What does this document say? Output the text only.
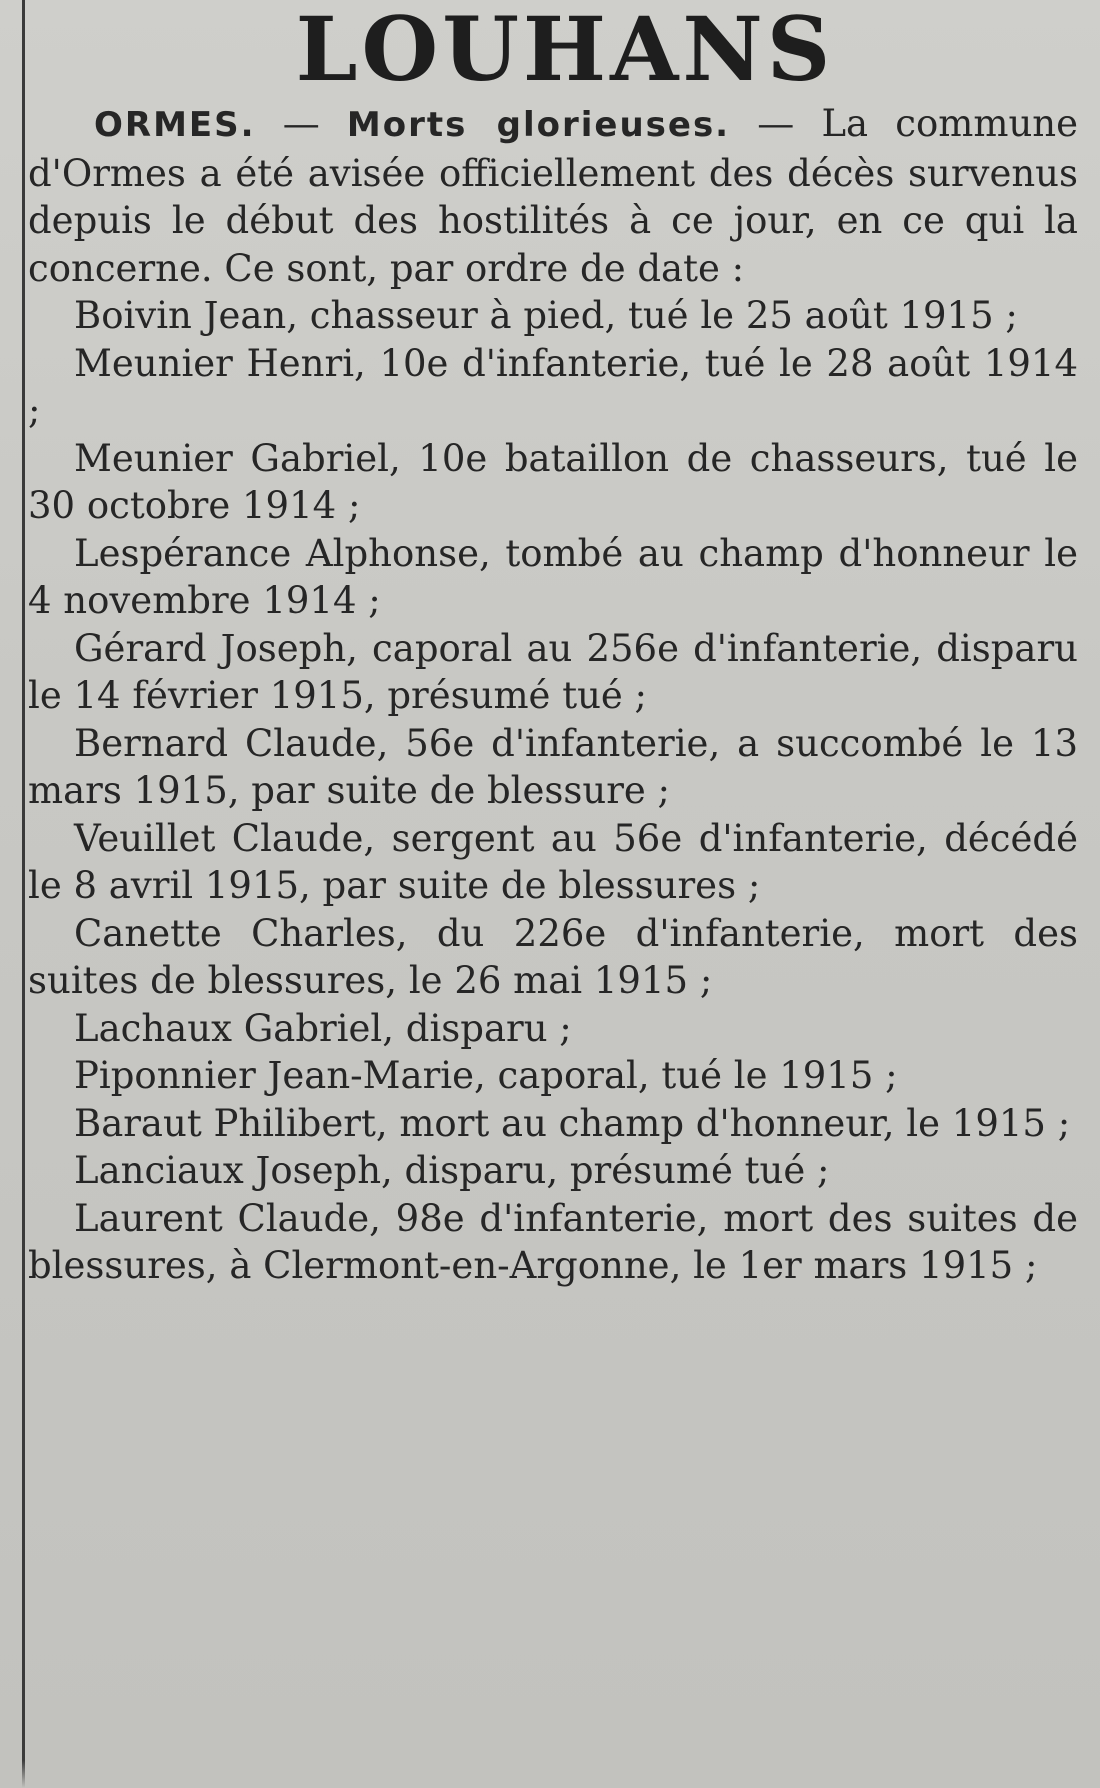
LOUHANS

ORMES. — Morts glorieuses. — La commune d'Ormes a été avisée officiellement des décès survenus depuis le début des hostilités à ce jour, en ce qui la concerne. Ce sont, par ordre de date :

Boivin Jean, chasseur à pied, tué le 25 août 1915 ;

Meunier Henri, 10e d'infanterie, tué le 28 août 1914 ;

Meunier Gabriel, 10e bataillon de chasseurs, tué le 30 octobre 1914 ;

Lespérance Alphonse, tombé au champ d'honneur le 4 novembre 1914 ;

Gérard Joseph, caporal au 256e d'infanterie, disparu le 14 février 1915, présumé tué ;

Bernard Claude, 56e d'infanterie, a succombé le 13 mars 1915, par suite de blessure ;

Veuillet Claude, sergent au 56e d'infanterie, décédé le 8 avril 1915, par suite de blessures ;

Canette Charles, du 226e d'infanterie, mort des suites de blessures, le 26 mai 1915 ;

Lachaux Gabriel, disparu ;

Piponnier Jean-Marie, caporal, tué le 1915 ;

Baraut Philibert, mort au champ d'honneur, le 1915 ;

Lanciaux Joseph, disparu, présumé tué ;

Laurent Claude, 98e d'infanterie, mort des suites de blessures, à Clermont-en-Argonne, le 1er mars 1915 ;
